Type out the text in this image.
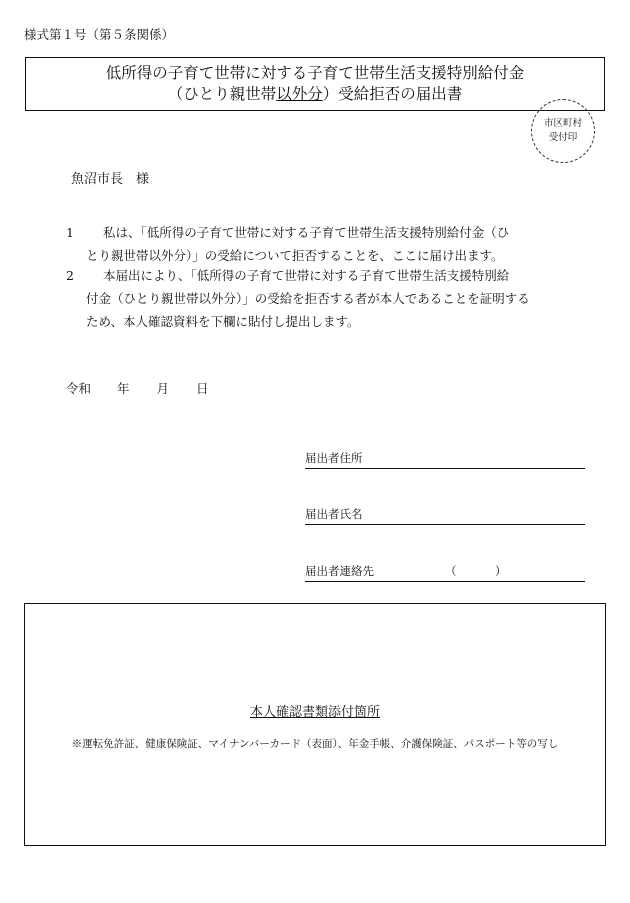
様式第１号（第５条関係）
低所得の子育て世帯に対する子育て世帯生活支援特別給付金
（ひとり親世帯以外分）受給拒否の届出書
市区町村
受付印
魚沼市長　様
1	私は、「低所得の子育て世帯に対する子育て世帯生活支援特別給付金（ひ
とり親世帯以外分）」の受給について拒否することを、ここに届け出ます。
2	本届出により、「低所得の子育て世帯に対する子育て世帯生活支援特別給
付金（ひとり親世帯以外分）」の受給を拒否する者が本人であることを証明する
ため、本人確認資料を下欄に貼付し提出します。
令和 年 月 日
届出者住所
届出者氏名
届出者連絡先	（	）
本人確認書類添付箇所
※運転免許証、健康保険証、マイナンバーカード（表面）、年金手帳、介護保険証、パスポート等の写し
